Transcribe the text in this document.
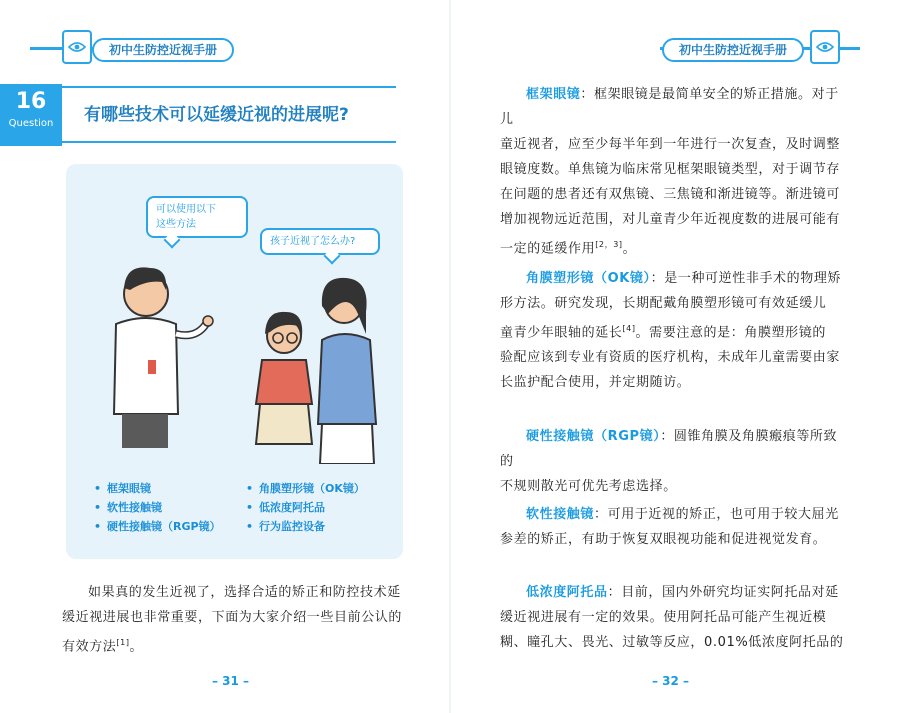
初中生防控近视手册
16
Question	有哪些技术可以延缓近视的进展呢?
可以使用以下
这些方法
孩子近视了怎么办?
• 框架眼镜
• 软性接触镜
• 硬性接触镜（RGP镜）
• 角膜塑形镜（OK镜）
• 低浓度阿托品
• 行为监控设备
如果真的发生近视了，选择合适的矫正和防控技术延
缓近视进展也非常重要，下面为大家介绍一些目前公认的
有效方法[1]。
– 31 –
初中生防控近视手册
框架眼镜：框架眼镜是最简单安全的矫正措施。对于儿
童近视者，应至少每半年到一年进行一次复查，及时调整
眼镜度数。单焦镜为临床常见框架眼镜类型，对于调节存
在问题的患者还有双焦镜、三焦镜和渐进镜等。渐进镜可
增加视物远近范围，对儿童青少年近视度数的进展可能有
一定的延缓作用[2，3]。
角膜塑形镜（OK镜）：是一种可逆性非手术的物理矫
形方法。研究发现，长期配戴角膜塑形镜可有效延缓儿
童青少年眼轴的延长[4]。需要注意的是：角膜塑形镜的
验配应该到专业有资质的医疗机构，未成年儿童需要由家
长监护配合使用，并定期随访。
硬性接触镜（RGP镜）：圆锥角膜及角膜瘢痕等所致的
不规则散光可优先考虑选择。
软性接触镜：可用于近视的矫正，也可用于较大屈光
参差的矫正，有助于恢复双眼视功能和促进视觉发育。
低浓度阿托品：目前，国内外研究均证实阿托品对延
缓近视进展有一定的效果。使用阿托品可能产生视近模
糊、瞳孔大、畏光、过敏等反应，0.01%低浓度阿托品的
– 32 –
